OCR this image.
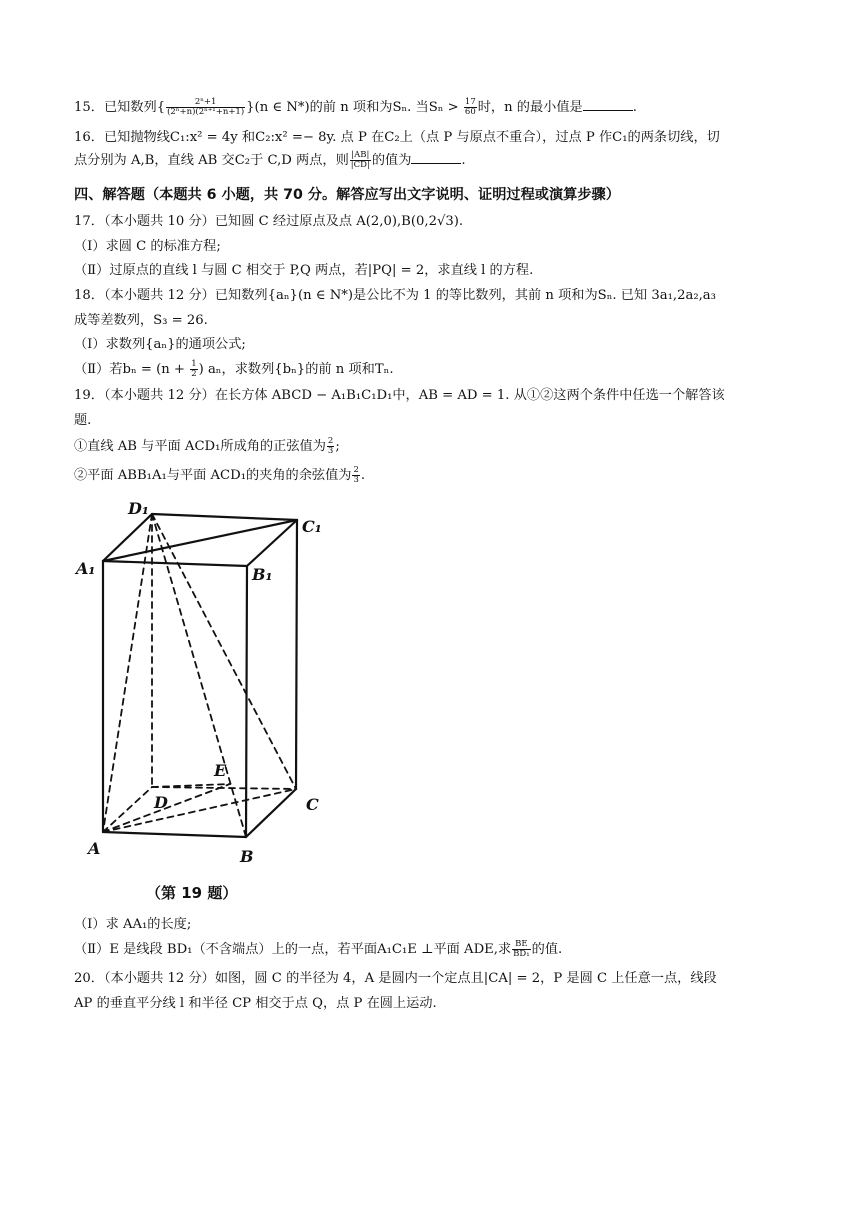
15．已知数列{ $\frac{\text{2ⁿ+1}}{\text{(2ⁿ+n)(2ⁿ⁺¹+n+1)}} \}(n$ ∈ N*)的前 n 项和为Sₙ. 当$S_n > \frac{17}{60}$ 时，n 的最小值是	.
16．已知抛物线C₁:x² = 4y 和C₂:x² =− 8y. 点 P 在C₂上（点 P 与原点不重合），过点 P 作C₁的两条切线，切
点分别为 A,B，直线 AB 交C₂于 C,D 两点，则 $\frac{|AB|}{|CD|}$ 的值为	.
四、解答题（本题共 6 小题，共 70 分。解答应写出文字说明、证明过程或演算步骤）
17．（本小题共 10 分）已知圆 C 经过原点及点 A(2,0),B(0,2√3).
（Ⅰ）求圆 C 的标准方程;
（Ⅱ）过原点的直线 l 与圆 C 相交于 P,Q 两点，若|PQ| = 2，求直线 l 的方程.
18．（本小题共 12 分）已知数列{aₙ}(n ∈ N*)是公比不为 1 的等比数列，其前 n 项和为Sₙ. 已知 3a₁,2a₂,a₃
成等差数列，S₃ = 26.
（Ⅰ）求数列{aₙ}的通项公式;
（Ⅱ）若$b_n = (n + \frac{1}{2}$ ) aₙ，求数列{bₙ}的前 n 项和Tₙ.
19．（本小题共 12 分）在长方体 ABCD − A₁B₁C₁D₁中，AB = AD = 1. 从①②这两个条件中任选一个解答该
题.
①直线 AB 与平面 ACD₁所成角的正弦值为 $\frac{2}{3}$ ;
②平面 ABB₁A₁与平面 ACD₁的夹角的余弦值为 $\frac{2}{3}$ .
D₁
C₁
A₁	B₁
E
D	C
A	B
（第 19 题）
（Ⅰ）求 AA₁的长度;
（Ⅱ）E 是线段 BD₁（不含端点）上的一点，若平面A₁C₁E ⊥平面 ADE,求 $\frac{BE}{\text{BD₁}}$ 的值.
20．（本小题共 12 分）如图，圆 C 的半径为 4，A 是圆内一个定点且|CA| = 2，P 是圆 C 上任意一点，线段
AP 的垂直平分线 l 和半径 CP 相交于点 Q，点 P 在圆上运动.
